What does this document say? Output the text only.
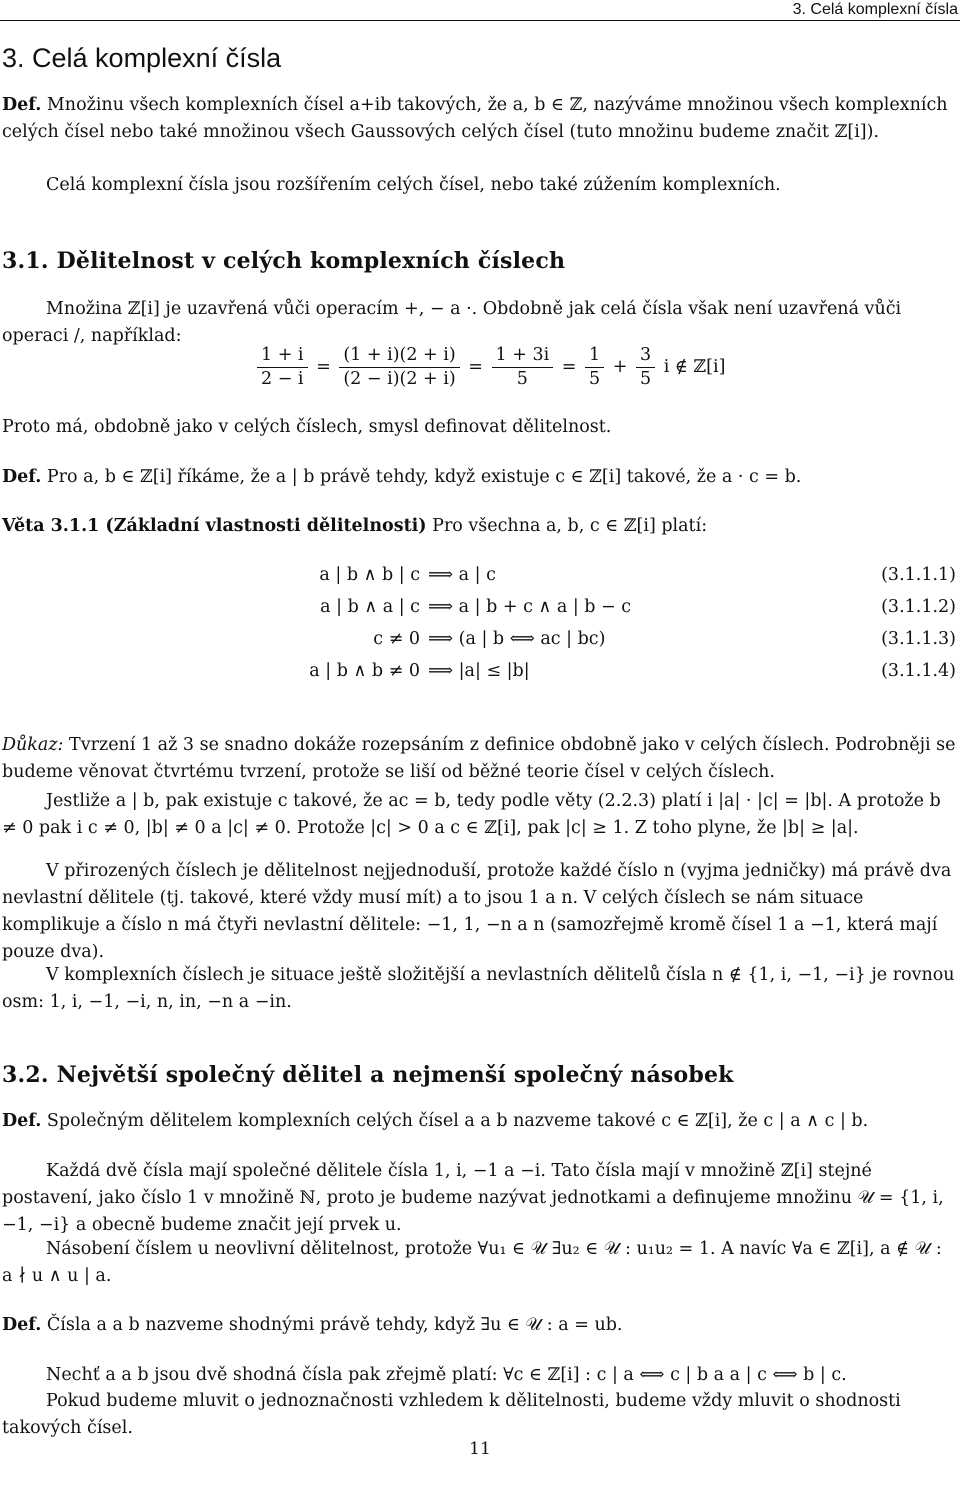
3. Celá komplexní čísla
3. Celá komplexní čísla

Def. Množinu všech komplexních čísel a+ib takových, že a, b ∈ ℤ, nazýváme množinou všech komplexních
celých čísel nebo také množinou všech Gaussových celých čísel (tuto množinu budeme značit ℤ[i]).

Celá komplexní čísla jsou rozšířením celých čísel, nebo také zúžením komplexních.

3.1. Dělitelnost v celých komplexních číslech

Množina ℤ[i] je uzavřená vůči operacím +, − a ·. Obdobně jak celá čísla však není uzavřená vůči operaci /, například:

$\frac{1 + i}{2 - i} = \frac{(1 + i)(2 + i)}{(2 - i)(2 + i)} = \frac{1 + 3i}{5} = \frac{1}{5} + \frac{3}{5}$ i ∉ ℤ[i]

Proto má, obdobně jako v celých číslech, smysl definovat dělitelnost.

Def. Pro a, b ∈ ℤ[i] říkáme, že a | b právě tehdy, když existuje c ∈ ℤ[i] takové, že a · c = b.

Věta 3.1.1 (Základní vlastnosti dělitelnosti) Pro všechna a, b, c ∈ ℤ[i] platí:

a | b ∧ b | c ⟹ a | c	(3.1.1.1)
a | b ∧ a | c ⟹ a | b + c ∧ a | b − c	(3.1.1.2)
c ≠ 0 ⟹ (a | b ⟺ ac | bc)	(3.1.1.3)
a | b ∧ b ≠ 0 ⟹ |a| ≤ |b|	(3.1.1.4)

Důkaz: Tvrzení 1 až 3 se snadno dokáže rozepsáním z definice obdobně jako v celých číslech. Podrobněji se budeme věnovat čtvrtému tvrzení, protože se liší od běžné teorie čísel v celých číslech.

Jestliže a | b, pak existuje c takové, že ac = b, tedy podle věty (2.2.3) platí i |a| · |c| = |b|. A protože b ≠ 0 pak i c ≠ 0, |b| ≠ 0 a |c| ≠ 0. Protože |c| > 0 a c ∈ ℤ[i], pak |c| ≥ 1. Z toho plyne, že |b| ≥ |a|.

V přirozených číslech je dělitelnost nejjednoduší, protože každé číslo n (vyjma jedničky) má právě dva nevlastní dělitele (tj. takové, které vždy musí mít) a to jsou 1 a n. V celých číslech se nám situace komplikuje a číslo n má čtyři nevlastní dělitele: −1, 1, −n a n (samozřejmě kromě čísel 1 a −1, která mají pouze dva).

V komplexních číslech je situace ještě složitější a nevlastních dělitelů čísla n ∉ {1, i, −1, −i} je rovnou osm: 1, i, −1, −i, n, in, −n a −in.

3.2. Největší společný dělitel a nejmenší společný násobek

Def. Společným dělitelem komplexních celých čísel a a b nazveme takové c ∈ ℤ[i], že c | a ∧ c | b.

Každá dvě čísla mají společné dělitele čísla 1, i, −1 a −i. Tato čísla mají v množině ℤ[i] stejné postavení, jako číslo 1 v množině ℕ, proto je budeme nazývat jednotkami a definujeme množinu 𝒰 = {1, i, −1, −i} a obecně budeme značit její prvek u.

Násobení číslem u neovlivní dělitelnost, protože ∀u₁ ∈ 𝒰 ∃u₂ ∈ 𝒰 : u₁u₂ = 1. A navíc ∀a ∈ ℤ[i], a ∉ 𝒰 : a ∤ u ∧ u | a.

Def. Čísla a a b nazveme shodnými právě tehdy, když ∃u ∈ 𝒰 : a = ub.

Nechť a a b jsou dvě shodná čísla pak zřejmě platí: ∀c ∈ ℤ[i] : c | a ⟺ c | b a a | c ⟺ b | c.

Pokud budeme mluvit o jednoznačnosti vzhledem k dělitelnosti, budeme vždy mluvit o shodnosti takových čísel.

11
